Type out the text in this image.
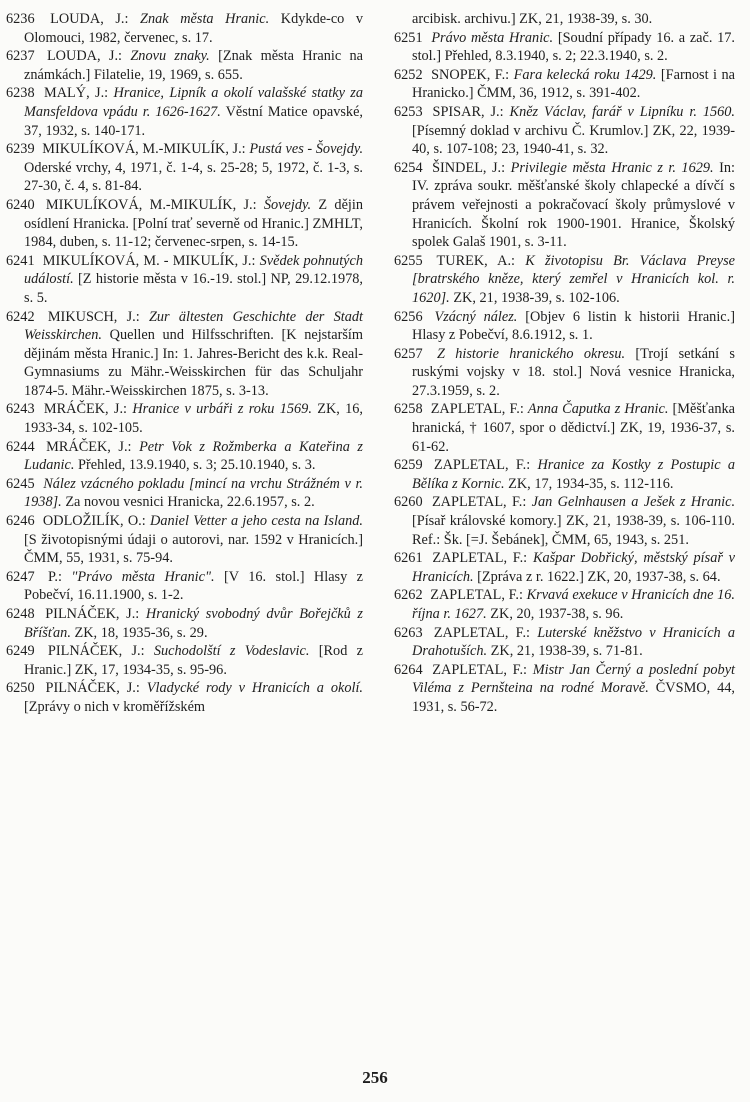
6236 LOUDA, J.: Znak města Hranic. Kdykde-co v Olomouci, 1982, červenec, s. 17.

6237 LOUDA, J.: Znovu znaky. [Znak města Hranic na známkách.] Filatelie, 19, 1969, s. 655.

6238 MALÝ, J.: Hranice, Lipník a okolí valašské statky za Mansfeldova vpádu r. 1626-1627. Věstní Matice opavské, 37, 1932, s. 140-171.

6239 MIKULÍKOVÁ, M.-MIKULÍK, J.: Pustá ves - Šovejdy. Oderské vrchy, 4, 1971, č. 1-4, s. 25-28; 5, 1972, č. 1-3, s. 27-30, č. 4, s. 81-84.

6240 MIKULÍKOVÁ, M.-MIKULÍK, J.: Šovejdy. Z dějin osídlení Hranicka. [Polní trať severně od Hranic.] ZMHLT, 1984, duben, s. 11-12; červenec-srpen, s. 14-15.

6241 MIKULÍKOVÁ, M. - MIKULÍK, J.: Svědek pohnutých událostí. [Z historie města v 16.-19. stol.] NP, 29.12.1978, s. 5.

6242 MIKUSCH, J.: Zur ältesten Geschichte der Stadt Weisskirchen. Quellen und Hilfsschriften. [K nejstarším dějinám města Hranic.] In: 1. Jahres-Bericht des k.k. Real-Gymnasiums zu Mähr.-Weisskirchen für das Schuljahr 1874-5. Mähr.-Weisskirchen 1875, s. 3-13.

6243 MRÁČEK, J.: Hranice v urbáři z roku 1569. ZK, 16, 1933-34, s. 102-105.

6244 MRÁČEK, J.: Petr Vok z Rožmberka a Kateřina z Ludanic. Přehled, 13.9.1940, s. 3; 25.10.1940, s. 3.

6245 Nález vzácného pokladu [mincí na vrchu Strážném v r. 1938]. Za novou vesnici Hranicka, 22.6.1957, s. 2.

6246 ODLOŽILÍK, O.: Daniel Vetter a jeho cesta na Island. [S životopisnými údaji o autorovi, nar. 1592 v Hranicích.] ČMM, 55, 1931, s. 75-94.

6247 P.: "Právo města Hranic". [V 16. stol.] Hlasy z Pobečví, 16.11.1900, s. 1-2.

6248 PILNÁČEK, J.: Hranický svobodný dvůr Bořejčků z Bříšťan. ZK, 18, 1935-36, s. 29.

6249 PILNÁČEK, J.: Suchodolští z Vodeslavic. [Rod z Hranic.] ZK, 17, 1934-35, s. 95-96.

6250 PILNÁČEK, J.: Vladycké rody v Hranicích a okolí. [Zprávy o nich v kroměřížském

arcibisk. archivu.] ZK, 21, 1938-39, s. 30.

6251 Právo města Hranic. [Soudní případy 16. a zač. 17. stol.] Přehled, 8.3.1940, s. 2; 22.3.1940, s. 2.

6252 SNOPEK, F.: Fara kelecká roku 1429. [Farnost i na Hranicko.] ČMM, 36, 1912, s. 391-402.

6253 SPISAR, J.: Kněz Václav, farář v Lipníku r. 1560. [Písemný doklad v archivu Č. Krumlov.] ZK, 22, 1939-40, s. 107-108; 23, 1940-41, s. 32.

6254 ŠINDEL, J.: Privilegie města Hranic z r. 1629. In: IV. zpráva soukr. měšťanské školy chlapecké a dívčí s právem veřejnosti a pokračovací školy průmyslové v Hranicích. Školní rok 1900-1901. Hranice, Školský spolek Galaš 1901, s. 3-11.

6255 TUREK, A.: K životopisu Br. Václava Preyse [bratrského kněze, který zemřel v Hranicích kol. r. 1620]. ZK, 21, 1938-39, s. 102-106.

6256 Vzácný nález. [Objev 6 listin k historii Hranic.] Hlasy z Pobečví, 8.6.1912, s. 1.

6257 Z historie hranického okresu. [Trojí setkání s ruskými vojsky v 18. stol.] Nová vesnice Hranicka, 27.3.1959, s. 2.

6258 ZAPLETAL, F.: Anna Čaputka z Hranic. [Měšťanka hranická, † 1607, spor o dědictví.] ZK, 19, 1936-37, s. 61-62.

6259 ZAPLETAL, F.: Hranice za Kostky z Postupic a Bělíka z Kornic. ZK, 17, 1934-35, s. 112-116.

6260 ZAPLETAL, F.: Jan Gelnhausen a Ješek z Hranic. [Písař královské komory.] ZK, 21, 1938-39, s. 106-110. Ref.: Šk. [=J. Šebánek], ČMM, 65, 1943, s. 251.

6261 ZAPLETAL, F.: Kašpar Dobřický, městský písař v Hranicích. [Zpráva z r. 1622.] ZK, 20, 1937-38, s. 64.

6262 ZAPLETAL, F.: Krvavá exekuce v Hranicích dne 16. října r. 1627. ZK, 20, 1937-38, s. 96.

6263 ZAPLETAL, F.: Luterské kněžstvo v Hranicích a Drahotuších. ZK, 21, 1938-39, s. 71-81.

6264 ZAPLETAL, F.: Mistr Jan Černý a poslední pobyt Viléma z Pernšteina na rodné Moravě. ČVSMO, 44, 1931, s. 56-72.

256
